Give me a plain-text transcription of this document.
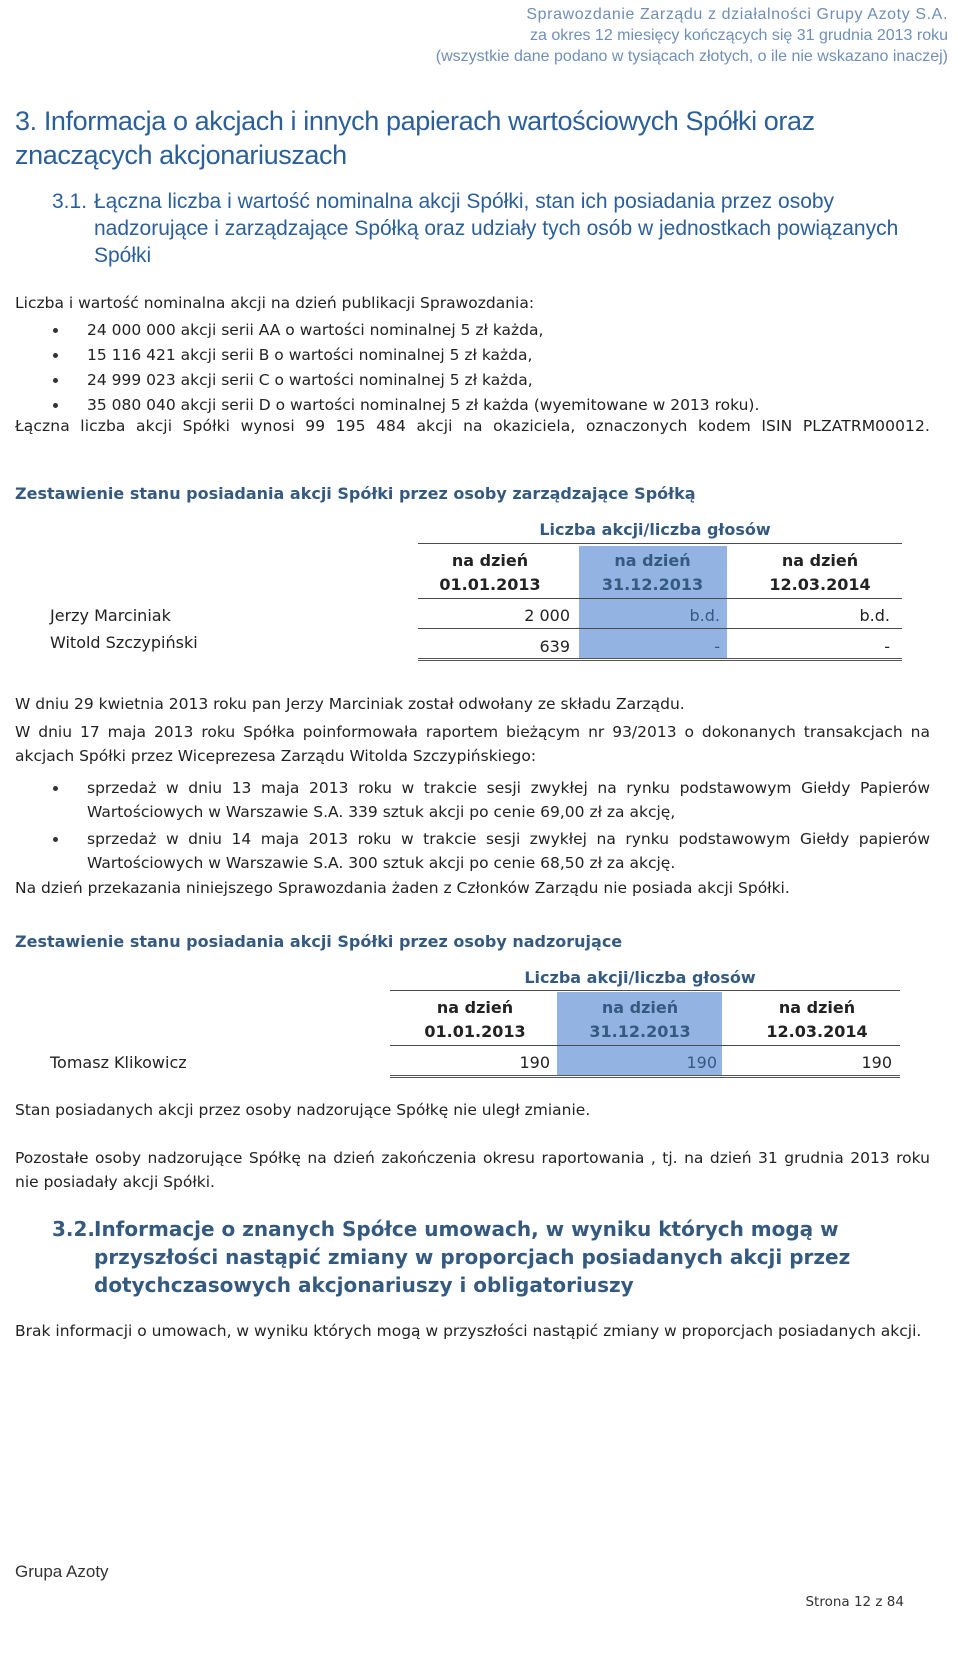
Sprawozdanie Zarządu z działalności Grupy Azoty S.A.
za okres 12 miesięcy kończących się 31 grudnia 2013 roku
(wszystkie dane podano w tysiącach złotych, o ile nie wskazano inaczej)
3. Informacja o akcjach i innych papierach wartościowych Spółki oraz znaczących akcjonariuszach
3.1. Łączna liczba i wartość nominalna akcji Spółki, stan ich posiadania przez osoby nadzorujące i zarządzające Spółką oraz udziały tych osób w jednostkach powiązanych Spółki
Liczba i wartość nominalna akcji na dzień publikacji Sprawozdania:
24 000 000 akcji serii AA o wartości nominalnej 5 zł każda,
15 116 421 akcji serii B o wartości nominalnej 5 zł każda,
24 999 023 akcji serii C o wartości nominalnej 5 zł każda,
35 080 040 akcji serii D o wartości nominalnej 5 zł każda (wyemitowane w 2013 roku).
Łączna liczba akcji Spółki wynosi 99 195 484 akcji na okaziciela, oznaczonych kodem ISIN PLZATRM00012.
Zestawienie stanu posiadania akcji Spółki przez osoby zarządzające Spółką
Liczba akcji/liczba głosów
na dzień
01.01.2013
na dzień
31.12.2013
na dzień
12.03.2014
Jerzy Marciniak	2 000	b.d.	b.d.
Witold Szczypiński	639	-	-
W dniu 29 kwietnia 2013 roku pan Jerzy Marciniak został odwołany ze składu Zarządu.
W dniu 17 maja 2013 roku Spółka poinformowała raportem bieżącym nr 93/2013 o dokonanych transakcjach na akcjach Spółki przez Wiceprezesa Zarządu Witolda Szczypińskiego:
sprzedaż w dniu 13 maja 2013 roku w trakcie sesji zwykłej na rynku podstawowym Giełdy Papierów Wartościowych w Warszawie S.A. 339 sztuk akcji po cenie 69,00 zł za akcję,
sprzedaż w dniu 14 maja 2013 roku w trakcie sesji zwykłej na rynku podstawowym Giełdy papierów Wartościowych w Warszawie S.A. 300 sztuk akcji po cenie 68,50 zł za akcję.
Na dzień przekazania niniejszego Sprawozdania żaden z Członków Zarządu nie posiada akcji Spółki.
Zestawienie stanu posiadania akcji Spółki przez osoby nadzorujące
Liczba akcji/liczba głosów
na dzień
01.01.2013
na dzień
31.12.2013
na dzień
12.03.2014
Tomasz Klikowicz	190	190	190
Stan posiadanych akcji przez osoby nadzorujące Spółkę nie uległ zmianie.
Pozostałe osoby nadzorujące Spółkę na dzień zakończenia okresu raportowania , tj. na dzień 31 grudnia 2013 roku nie posiadały akcji Spółki.
3.2.
Informacje o znanych Spółce umowach, w wyniku których mogą w przyszłości nastąpić zmiany w proporcjach posiadanych akcji przez dotychczasowych akcjonariuszy i obligatoriuszy
Brak informacji o umowach, w wyniku których mogą w przyszłości nastąpić zmiany w proporcjach posiadanych akcji.
Grupa Azoty
Strona 12 z 84
